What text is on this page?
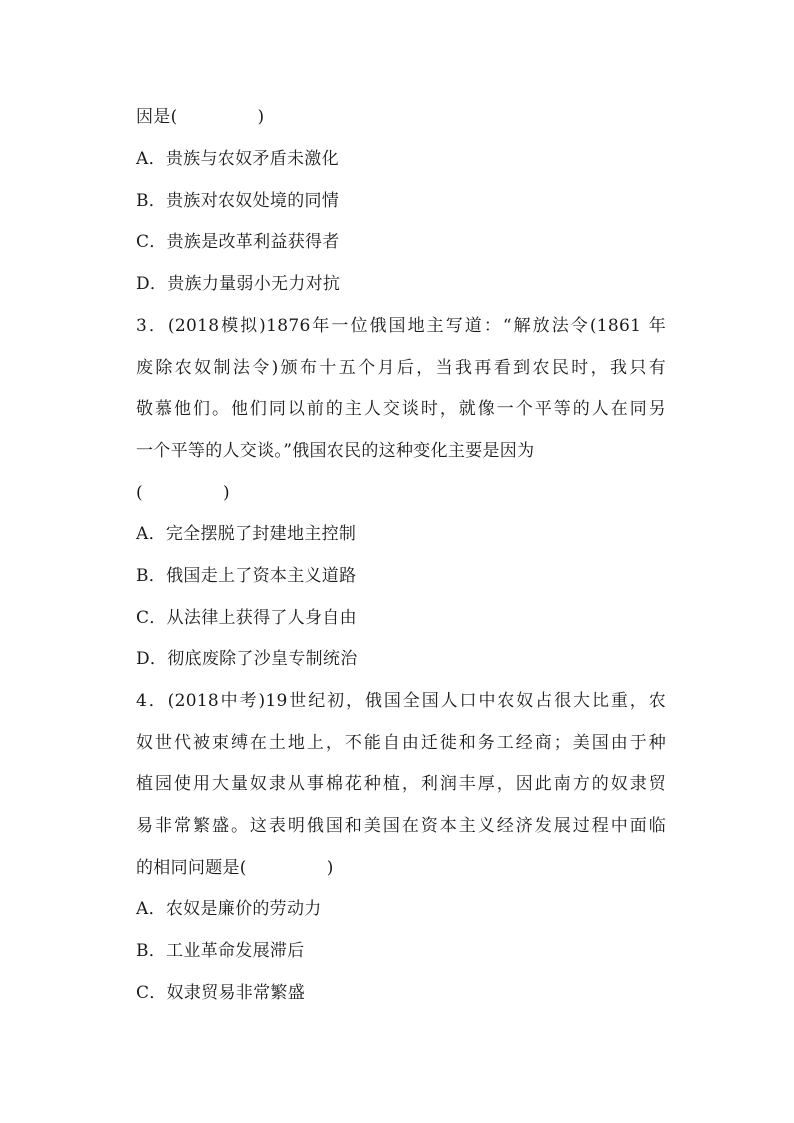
因是(	)
A．贵族与农奴矛盾未激化
B．贵族对农奴处境的同情
C．贵族是改革利益获得者
D．贵族力量弱小无力对抗
3．(2018模拟)1876年一位俄国地主写道：“解放法令(1861 年
废除农奴制法令)颁布十五个月后，当我再看到农民时，我只有
敬慕他们。他们同以前的主人交谈时，就像一个平等的人在同另
一个平等的人交谈。”俄国农民的这种变化主要是因为
(	)
A．完全摆脱了封建地主控制
B．俄国走上了资本主义道路
C．从法律上获得了人身自由
D．彻底废除了沙皇专制统治
4．(2018中考)19世纪初，俄国全国人口中农奴占很大比重，农
奴世代被束缚在土地上，不能自由迁徙和务工经商；美国由于种
植园使用大量奴隶从事棉花种植，利润丰厚，因此南方的奴隶贸
易非常繁盛。这表明俄国和美国在资本主义经济发展过程中面临
的相同问题是(	)
A．农奴是廉价的劳动力
B．工业革命发展滞后
C．奴隶贸易非常繁盛
